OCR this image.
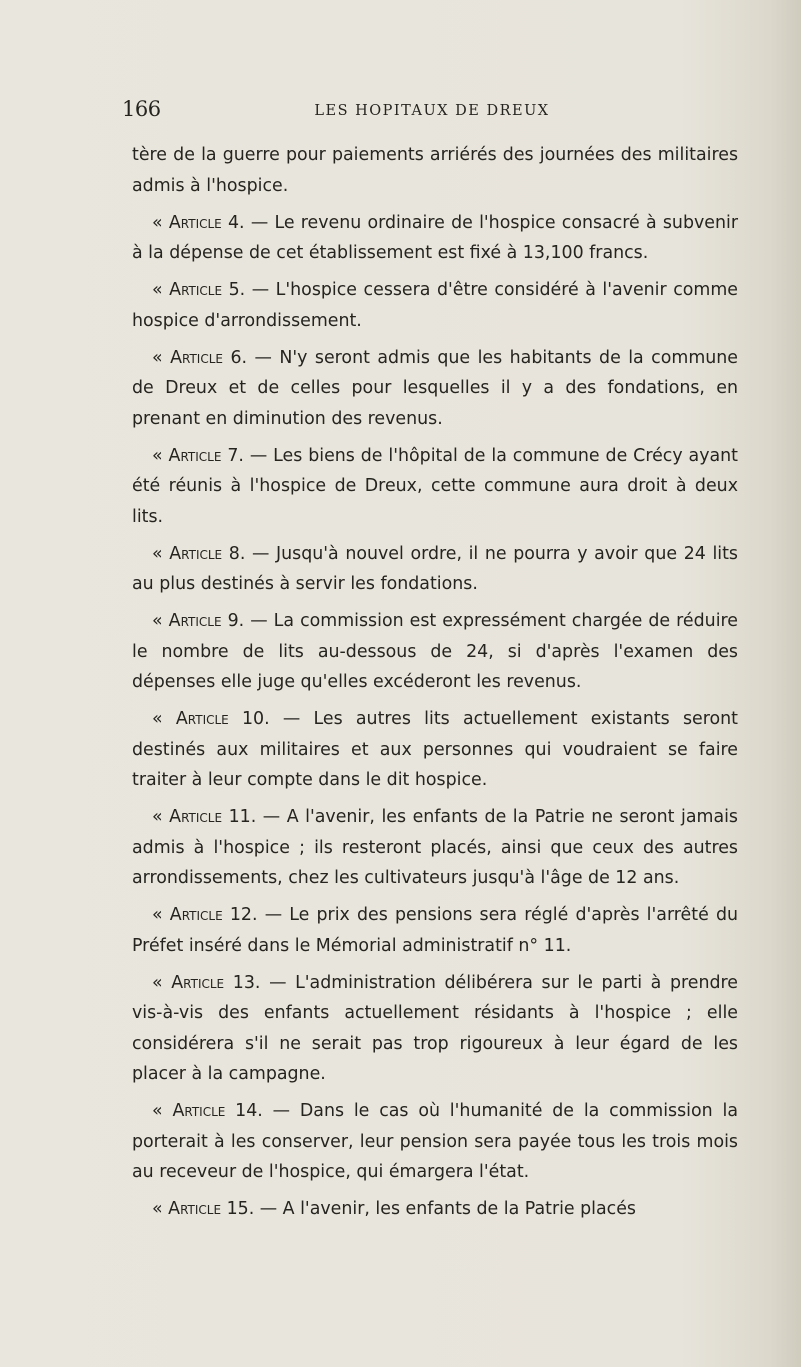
166	LES HOPITAUX DE DREUX

tère de la guerre pour paiements arriérés des journées des militaires admis à l'hospice.

« Article 4. — Le revenu ordinaire de l'hospice consacré à subvenir à la dépense de cet établissement est fixé à 13,100 francs.

« Article 5. — L'hospice cessera d'être considéré à l'avenir comme hospice d'arrondissement.

« Article 6. — N'y seront admis que les habitants de la commune de Dreux et de celles pour lesquelles il y a des fondations, en prenant en diminution des revenus.

« Article 7. — Les biens de l'hôpital de la commune de Crécy ayant été réunis à l'hospice de Dreux, cette commune aura droit à deux lits.

« Article 8. — Jusqu'à nouvel ordre, il ne pourra y avoir que 24 lits au plus destinés à servir les fondations.

« Article 9. — La commission est expressément chargée de réduire le nombre de lits au-dessous de 24, si d'après l'examen des dépenses elle juge qu'elles excéderont les revenus.

« Article 10. — Les autres lits actuellement existants seront destinés aux militaires et aux personnes qui voudraient se faire traiter à leur compte dans le dit hospice.

« Article 11. — A l'avenir, les enfants de la Patrie ne seront jamais admis à l'hospice ; ils resteront placés, ainsi que ceux des autres arrondissements, chez les cultivateurs jusqu'à l'âge de 12 ans.

« Article 12. — Le prix des pensions sera réglé d'après l'arrêté du Préfet inséré dans le Mémorial administratif n° 11.

« Article 13. — L'administration délibérera sur le parti à prendre vis-à-vis des enfants actuellement résidants à l'hospice ; elle considérera s'il ne serait pas trop rigoureux à leur égard de les placer à la campagne.

« Article 14. — Dans le cas où l'humanité de la commission la porterait à les conserver, leur pension sera payée tous les trois mois au receveur de l'hospice, qui émargera l'état.

« Article 15. — A l'avenir, les enfants de la Patrie placés
